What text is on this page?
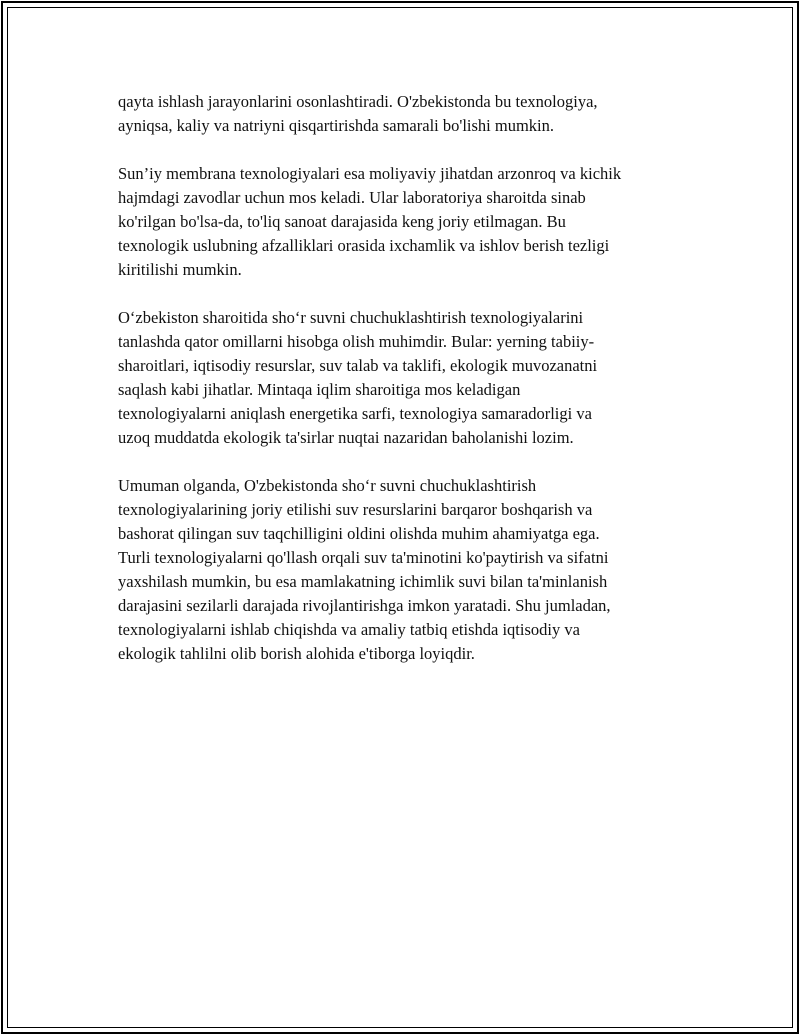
qayta ishlash jarayonlarini osonlashtiradi. O'zbekistonda bu texnologiya,
ayniqsa, kaliy va natriyni qisqartirishda samarali bo'lishi mumkin.

Sun’iy membrana texnologiyalari esa moliyaviy jihatdan arzonroq va kichik
hajmdagi zavodlar uchun mos keladi. Ular laboratoriya sharoitda sinab
ko'rilgan bo'lsa-da, to'liq sanoat darajasida keng joriy etilmagan. Bu
texnologik uslubning afzalliklari orasida ixchamlik va ishlov berish tezligi
kiritilishi mumkin.

O‘zbekiston sharoitida sho‘r suvni chuchuklashtirish texnologiyalarini
tanlashda qator omillarni hisobga olish muhimdir. Bular: yerning tabiiy-
sharoitlari, iqtisodiy resurslar, suv talab va taklifi, ekologik muvozanatni
saqlash kabi jihatlar. Mintaqa iqlim sharoitiga mos keladigan
texnologiyalarni aniqlash energetika sarfi, texnologiya samaradorligi va
uzoq muddatda ekologik ta'sirlar nuqtai nazaridan baholanishi lozim.

Umuman olganda, O'zbekistonda sho‘r suvni chuchuklashtirish
texnologiyalarining joriy etilishi suv resurslarini barqaror boshqarish va
bashorat qilingan suv taqchilligini oldini olishda muhim ahamiyatga ega.
Turli texnologiyalarni qo'llash orqali suv ta'minotini ko'paytirish va sifatni
yaxshilash mumkin, bu esa mamlakatning ichimlik suvi bilan ta'minlanish
darajasini sezilarli darajada rivojlantirishga imkon yaratadi. Shu jumladan,
texnologiyalarni ishlab chiqishda va amaliy tatbiq etishda iqtisodiy va
ekologik tahlilni olib borish alohida e'tiborga loyiqdir.
